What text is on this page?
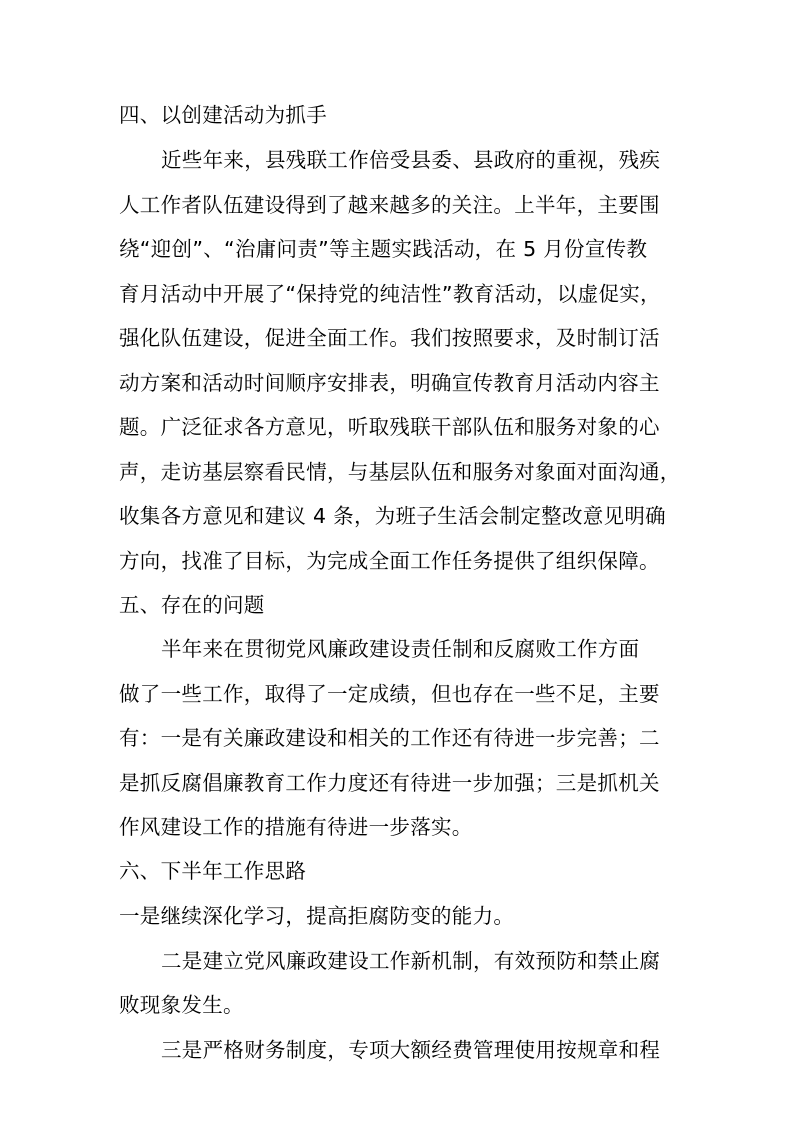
四、以创建活动为抓手
近些年来，县残联工作倍受县委、县政府的重视，残疾
人工作者队伍建设得到了越来越多的关注。上半年，主要围
绕“迎创”、“治庸问责”等主题实践活动，在 5 月份宣传教
育月活动中开展了“保持党的纯洁性”教育活动，以虚促实，
强化队伍建设，促进全面工作。我们按照要求，及时制订活
动方案和活动时间顺序安排表，明确宣传教育月活动内容主
题。广泛征求各方意见，听取残联干部队伍和服务对象的心
声，走访基层察看民情，与基层队伍和服务对象面对面沟通，
收集各方意见和建议 4 条，为班子生活会制定整改意见明确
方向，找准了目标，为完成全面工作任务提供了组织保障。
五、存在的问题
半年来在贯彻党风廉政建设责任制和反腐败工作方面
做了一些工作，取得了一定成绩，但也存在一些不足，主要
有：一是有关廉政建设和相关的工作还有待进一步完善；二
是抓反腐倡廉教育工作力度还有待进一步加强；三是抓机关
作风建设工作的措施有待进一步落实。
六、下半年工作思路
一是继续深化学习，提高拒腐防变的能力。
二是建立党风廉政建设工作新机制，有效预防和禁止腐
败现象发生。
三是严格财务制度，专项大额经费管理使用按规章和程
